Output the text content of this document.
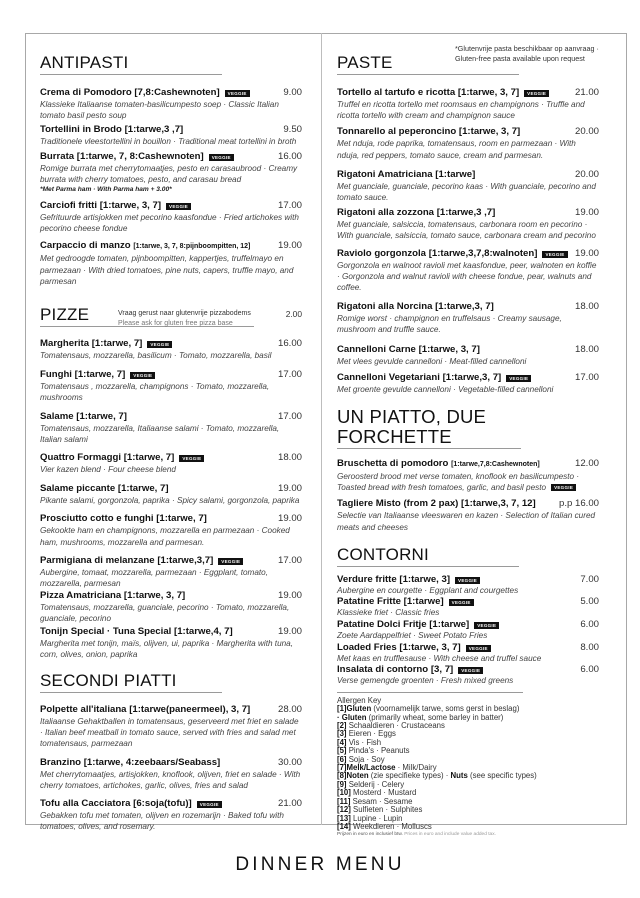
ANTIPASTI
Crema di Pomodoro [7,8:Cashewnoten]	VEGGIE	9.00
Klassieke Italiaanse tomaten-basilicumpesto soep · Classic Italian tomato basil pesto soup
Tortellini in Brodo [1:tarwe,3 ,7]	9.50
Traditionele vleestortellini in bouillon · Traditional meat tortellini in broth
Burrata [1:tarwe, 7, 8:Cashewnoten]	VEGGIE	16.00
Romige burrata met cherrytomaatjes, pesto en carasaubrood · Creamy burrata with cherry tomatoes, pesto, and carasau bread
*Met Parma ham · With Parma ham + 3.00*
Carciofi fritti [1:tarwe, 3, 7]	VEGGIE	17.00
Gefrituurde artisjokken met pecorino kaasfondue · Fried artichokes with pecorino cheese fondue
Carpaccio di manzo [1:tarwe, 3, 7, 8:pijnboompitten, 12]	19.00
Met gedroogde tomaten, pijnboompitten, kappertjes, truffelmayo en parmezaan · With dried tomatoes, pine nuts, capers, truffle mayo, and parmesan
PIZZE	Vraag gerust naar glutenvrije pizzabodems
Please ask for gluten free pizza base
2.00
Margherita [1:tarwe, 7]	VEGGIE	16.00
Tomatensaus, mozzarella, basilicum · Tomato, mozzarella, basil
Funghi [1:tarwe, 7]	VEGGIE	17.00
Tomatensaus , mozzarella, champignons · Tomato, mozzarella, mushrooms
Salame [1:tarwe, 7]	17.00
Tomatensaus, mozzarella, Italiaanse salami · Tomato, mozzarella, Italian salami
Quattro Formaggi [1:tarwe, 7]	VEGGIE	18.00
Vier kazen blend · Four cheese blend
Salame piccante [1:tarwe, 7]	19.00
Pikante salami, gorgonzola, paprika · Spicy salami, gorgonzola, paprika
Prosciutto cotto e funghi [1:tarwe, 7]	19.00
Gekookte ham en champignons, mozzarella en parmezaan · Cooked ham, mushrooms, mozzarella and parmesan.
Parmigiana di melanzane [1:tarwe,3,7]	VEGGIE	17.00
Aubergine, tomaat, mozzarella, parmezaan · Eggplant, tomato, mozzarella, parmesan
Pizza Amatriciana [1:tarwe, 3, 7]	19.00
Tomatensaus, mozzarella, guanciale, pecorino · Tomato, mozzarella, guanciale, pecorino
Tonijn Special · Tuna Special [1:tarwe,4, 7]	19.00
Margherita met tonijn, maïs, olijven, ui, paprika · Margherita with tuna, corn, olives, onion, paprika
SECONDI PIATTI
Polpette all'italiana [1:tarwe(paneermeel), 3, 7]	28.00
Italiaanse Gehaktballen in tomatensaus, geserveerd met friet en salade · Italian beef meatball in tomato sauce, served with fries and salad met tomatensaus, parmezaan
Branzino [1:tarwe, 4:zeebaars/Seabass]	30.00
Met cherrytomaatjes, artisjokken, knoflook, olijven, friet en salade · With cherry tomatoes, artichokes, garlic, olives, fries and salad
Tofu alla Cacciatora [6:soja(tofu)]	VEGGIE	21.00
Gebakken tofu met tomaten, olijven en rozemarijn · Baked tofu with tomatoes, olives, and rosemary.
PASTE
*Glutenvrije pasta beschikbaar op aanvraag ·
Gluten-free pasta available upon request
Tortello al tartufo e ricotta [1:tarwe, 3, 7]	VEGGIE	21.00
Truffel en ricotta tortello met roomsaus en champignons · Truffle and ricotta tortello with cream and champignon sauce
Tonnarello al peperoncino [1:tarwe, 3, 7]	20.00
Met nduja, rode paprika, tomatensaus, room en parmezaan · With nduja, red peppers, tomato sauce, cream and parmesan.
Rigatoni Amatriciana [1:tarwe]	20.00
Met guanciale, guanciale, pecorino kaas · With guanciale, pecorino and tomato sauce.
Rigatoni alla zozzona [1:tarwe,3 ,7]	19.00
Met guanciale, salsiccia, tomatensaus, carbonara room en pecorino · With guanciale, salsiccia, tomato sauce, carbonara cream and pecorino
Raviolo gorgonzola [1:tarwe,3,7,8:walnoten]	VEGGIE	19.00
Gorgonzola en walnoot ravioli met kaasfondue, peer, walnoten en koffie · Gorgonzola and walnut ravioli with cheese fondue, pear, walnuts and coffee.
Rigatoni alla Norcina [1:tarwe,3, 7]	18.00
Romige worst · champignon en truffelsaus · Creamy sausage, mushroom and truffle sauce.
Cannelloni Carne [1:tarwe, 3, 7]	18.00
Met vlees gevulde cannelloni · Meat-filled cannelloni
Cannelloni Vegetariani [1:tarwe,3, 7]	VEGGIE	17.00
Met groente gevulde cannelloni · Vegetable-filled cannelloni
UN PIATTO, DUE FORCHETTE
Bruschetta di pomodoro [1:tarwe,7,8:Cashewnoten]	12.00
Geroosterd brood met verse tomaten, knoflook en basilicumpesto · Toasted bread with fresh tomatoes, garlic, and basil pesto VEGGIE
Tagliere Misto (from 2 pax) [1:tarwe,3, 7, 12] p.p 16.00
Selectie van Italiaanse vleeswaren en kazen · Selection of Italian cured meats and cheeses
CONTORNI
Verdure fritte [1:tarwe, 3]	VEGGIE	7.00
Aubergine en courgette · Eggplant and courgettes
Patatine Fritte [1:tarwe]	VEGGIE	5.00
Klassieke friet · Classic fries
Patatine Dolci Fritje [1:tarwe]	VEGGIE	6.00
Zoete Aardappelfriet · Sweet Potato Fries
Loaded Fries [1:tarwe, 3, 7]	VEGGIE	8.00
Met kaas en trufflesause · With cheese and truffel sauce
Insalata di contorno [3, 7]	VEGGIE	6.00
Verse gemengde groenten · Fresh mixed greens
Allergen Key
[1]Gluten (voornamelijk tarwe, soms gerst in beslag)
· Gluten (primarily wheat, some barley in batter)
[2] Schaaldieren · Crustaceans
[3] Eieren · Eggs
[4] Vis · Fish
[5] Pinda's · Peanuts
[6] Soja · Soy
[7]Melk/Lactose · Milk/Dairy
[8]Noten (zie specifieke types) · Nuts (see specific types)
[9] Selderij · Celery
[10] Mosterd · Mustard
[11] Sesam · Sesame
[12] Sulfieten · Sulphites
[13] Lupine · Lupin
[14] Weekdieren · Molluscs
Prijzen in euro en inclusief btw. Prices in euro and include value added tax.
DINNER MENU
